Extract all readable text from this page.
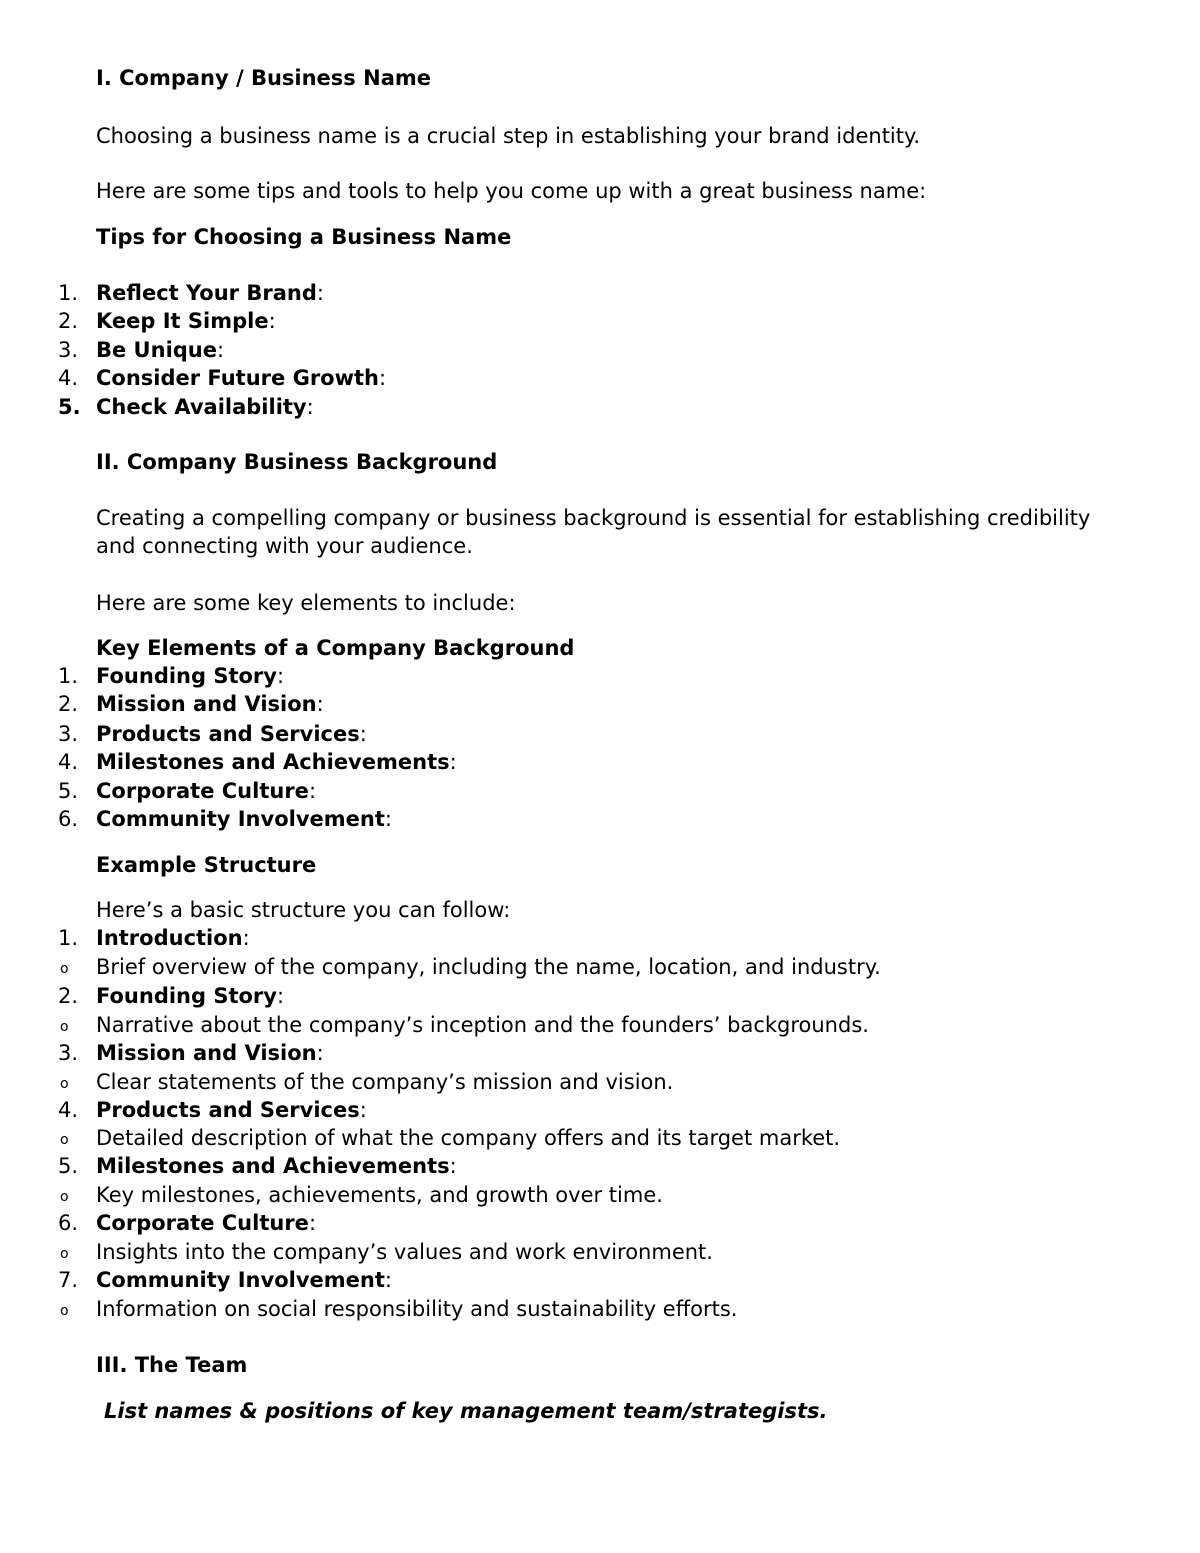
I. Company / Business Name
Choosing a business name is a crucial step in establishing your brand identity.
Here are some tips and tools to help you come up with a great business name:
Tips for Choosing a Business Name
1. Reflect Your Brand:
2. Keep It Simple:
3. Be Unique:
4. Consider Future Growth:
5. Check Availability:
II. Company Business Background
Creating a compelling company or business background is essential for establishing credibility and connecting with your audience.
Here are some key elements to include:
Key Elements of a Company Background
1. Founding Story:
2. Mission and Vision:
3. Products and Services:
4. Milestones and Achievements:
5. Corporate Culture:
6. Community Involvement:
Example Structure
Here’s a basic structure you can follow:
1. Introduction:
o Brief overview of the company, including the name, location, and industry.
2. Founding Story:
o Narrative about the company’s inception and the founders’ backgrounds.
3. Mission and Vision:
o Clear statements of the company’s mission and vision.
4. Products and Services:
o Detailed description of what the company offers and its target market.
5. Milestones and Achievements:
o Key milestones, achievements, and growth over time.
6. Corporate Culture:
o Insights into the company’s values and work environment.
7. Community Involvement:
o Information on social responsibility and sustainability efforts.
III. The Team
List names & positions of key management team/strategists.
